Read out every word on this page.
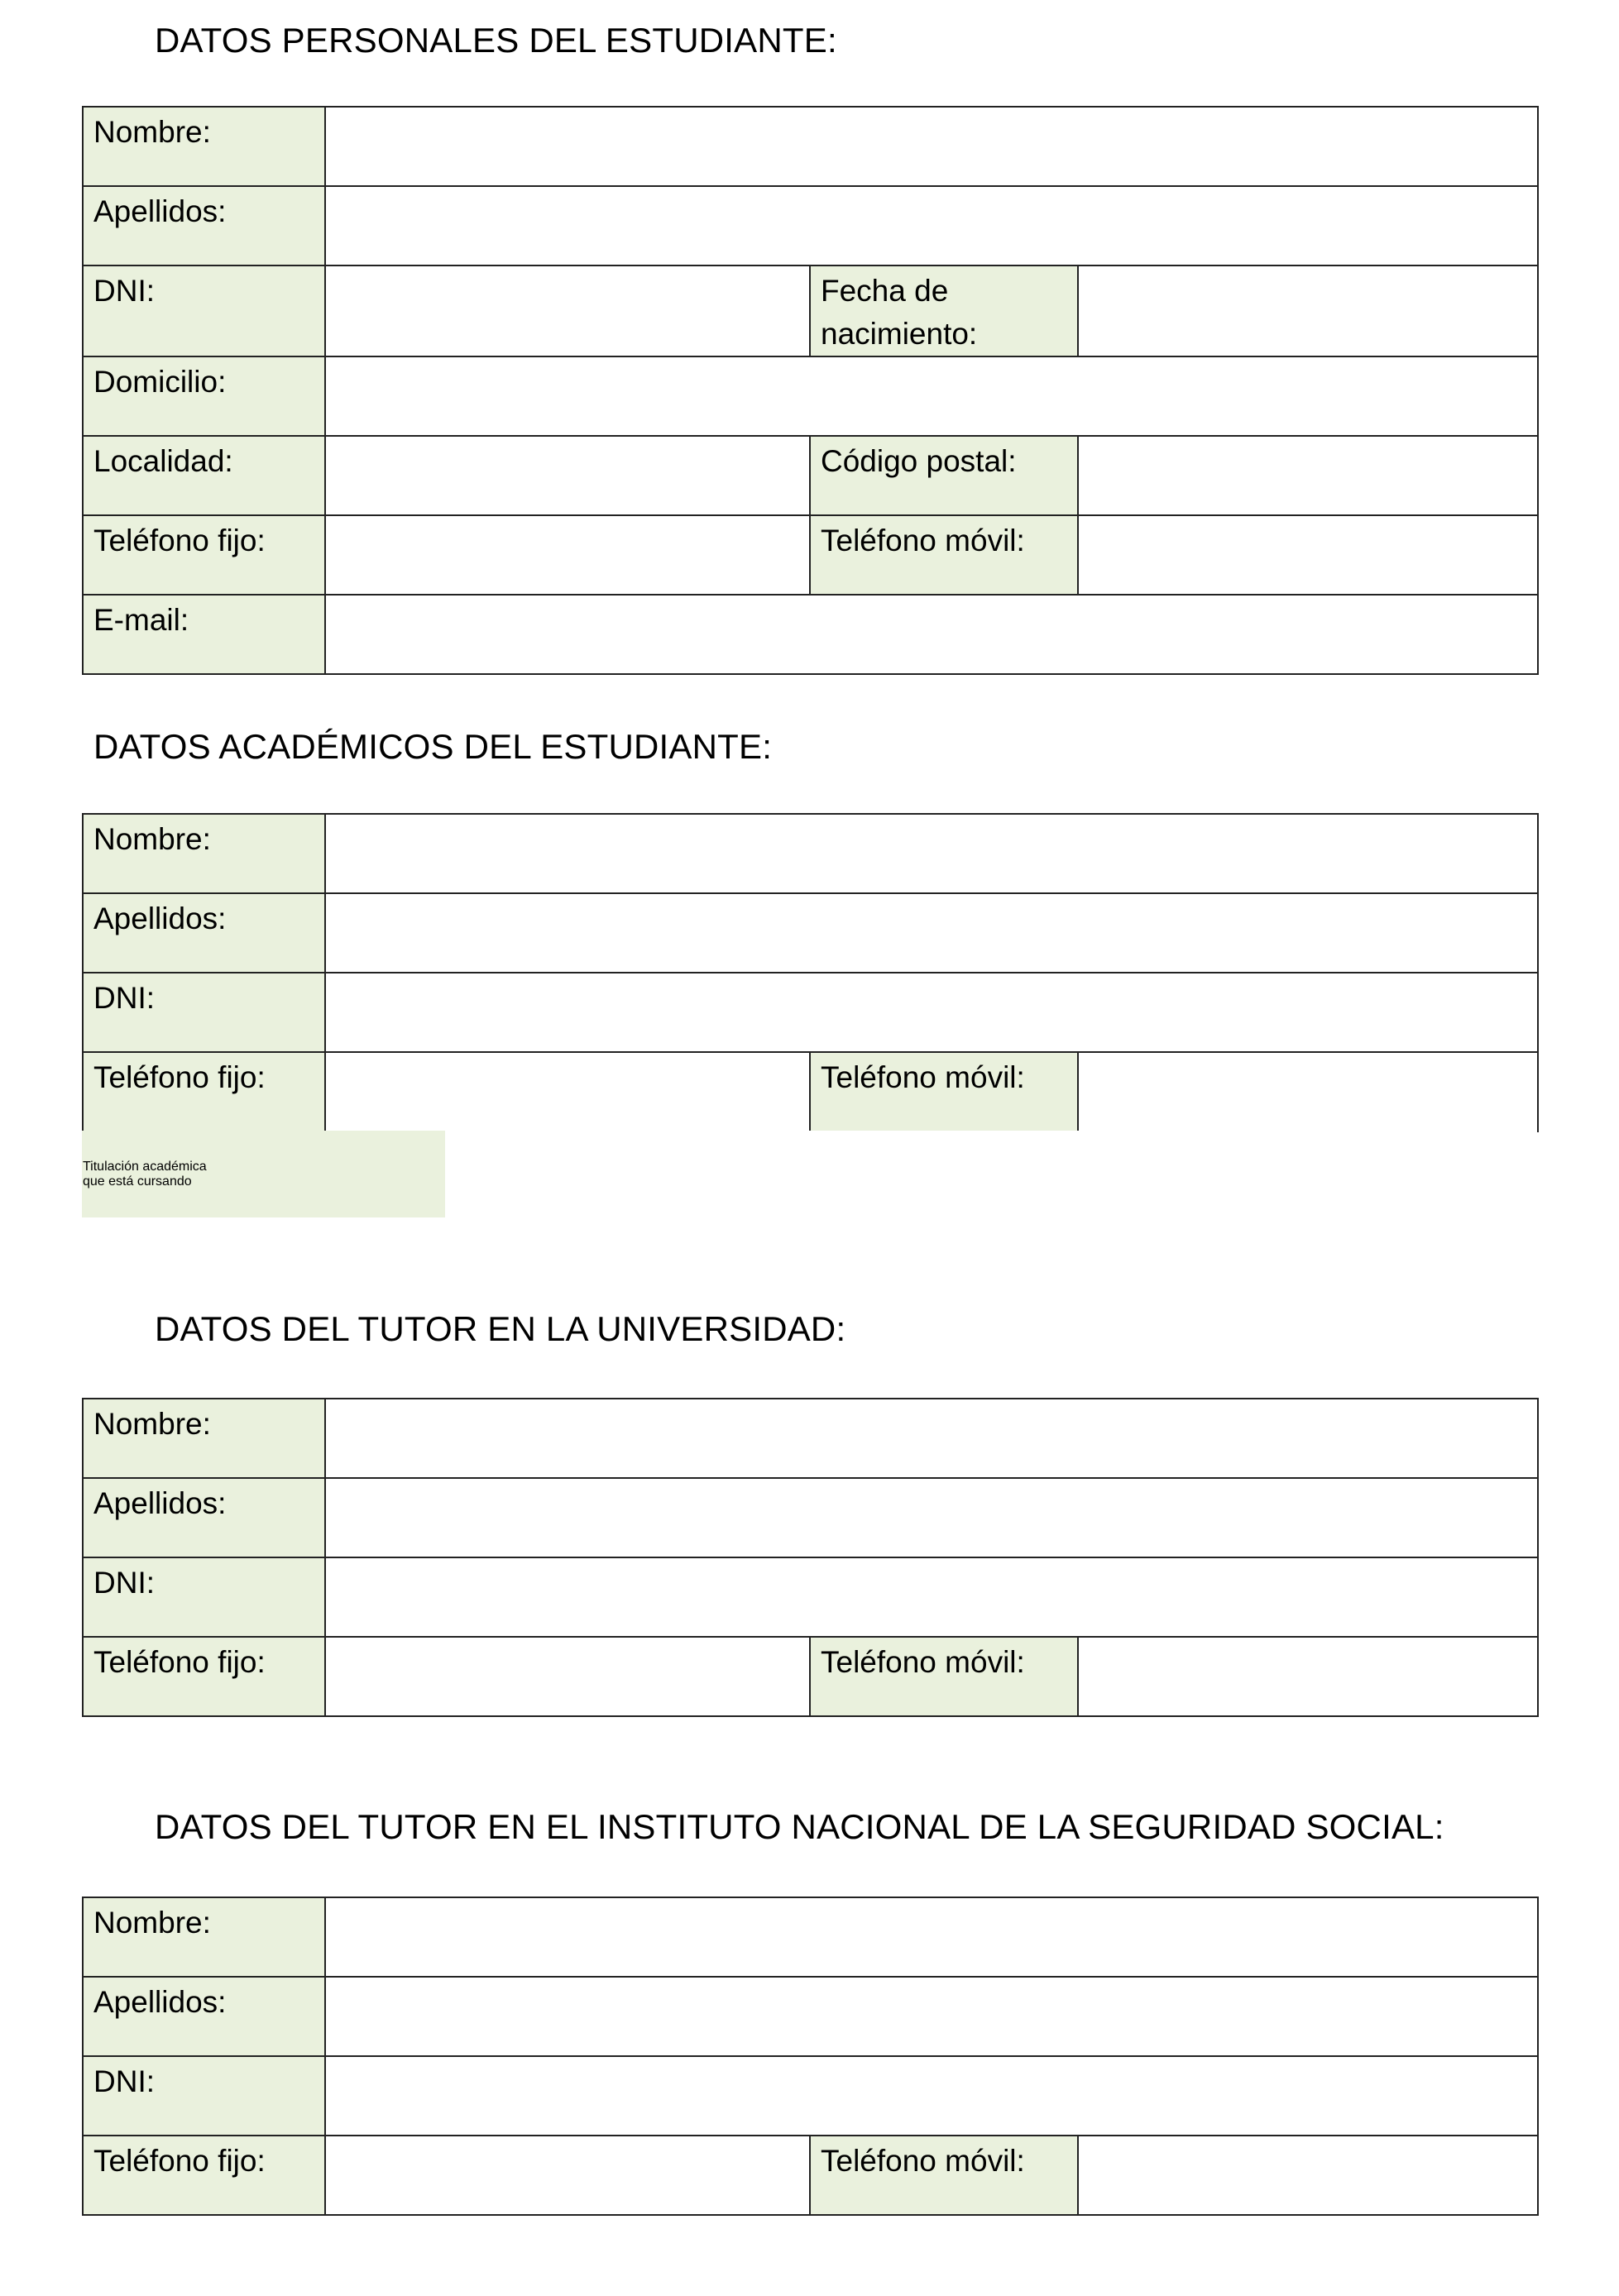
DATOS PERSONALES DEL ESTUDIANTE:
Nombre:			
Apellidos:			
DNI:		Fecha de
nacimiento:	

Domicilio:			
Localidad:		Código postal:	
Teléfono fijo:		Teléfono móvil:	
E-mail:			
DATOS ACADÉMICOS DEL ESTUDIANTE:
Nombre:			
Apellidos:			
DNI:			
Teléfono fijo:		Teléfono móvil:	
Titulación académica
que está cursando

DATOS DEL TUTOR EN LA UNIVERSIDAD:
Nombre:			
Apellidos:			
DNI:			
Teléfono fijo:		Teléfono móvil:	
DATOS DEL TUTOR EN EL INSTITUTO NACIONAL DE LA SEGURIDAD SOCIAL:
Nombre:			
Apellidos:			
DNI:			
Teléfono fijo:		Teléfono móvil:	
